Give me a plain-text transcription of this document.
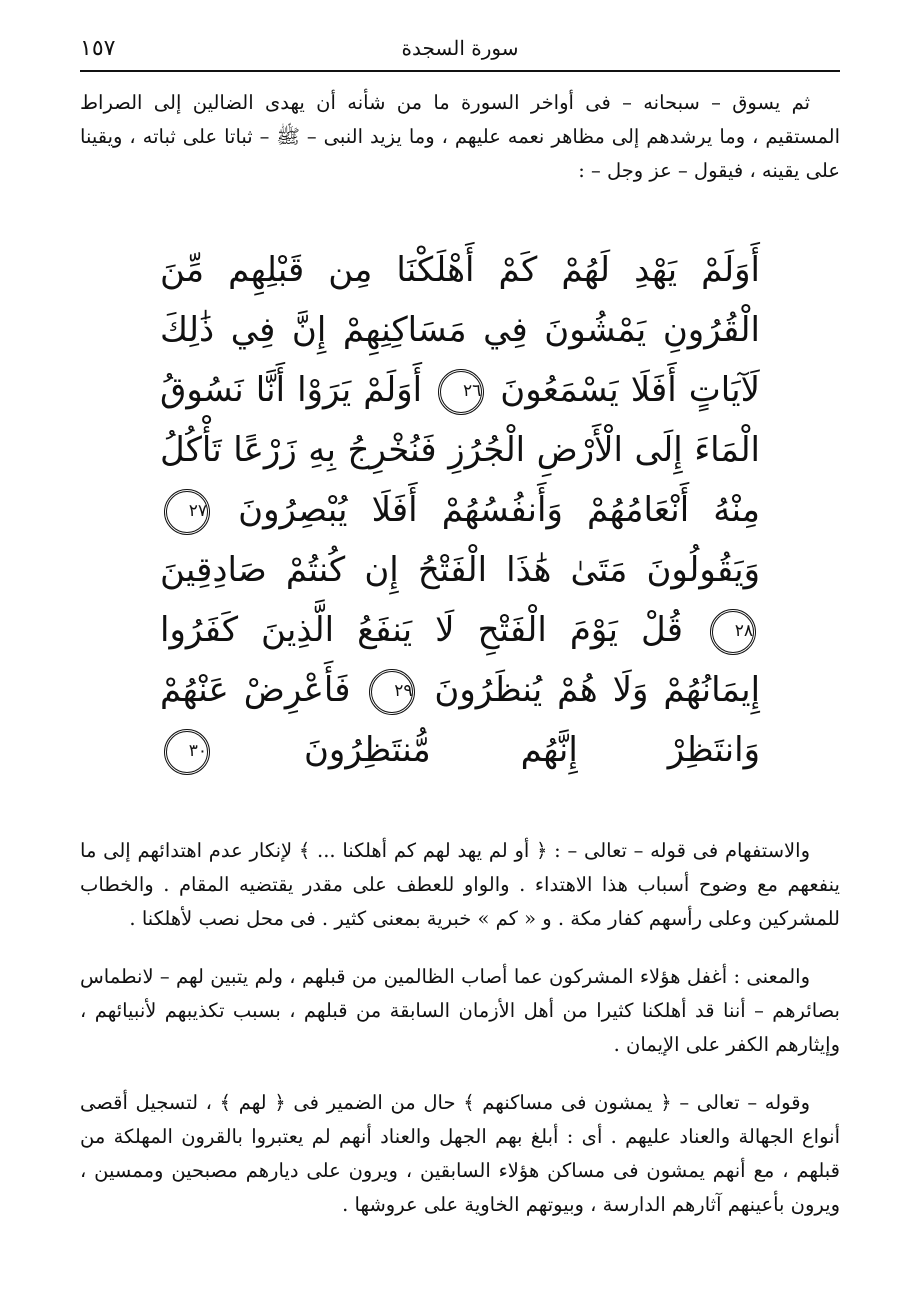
١٥٧	سورة السجدة

ثم يسوق – سبحانه – فى أواخر السورة ما من شأنه أن يهدى الضالين إلى الصراط المستقيم ، وما يرشدهم إلى مظاهر نعمه عليهم ، وما يزيد النبى – ﷺ – ثباتا على ثباته ، ويقينا على يقينه ، فيقول – عز وجل – :

أَوَلَمْ يَهْدِ لَهُمْ كَمْ أَهْلَكْنَا مِن قَبْلِهِم مِّنَ الْقُرُونِ يَمْشُونَ فِي مَسَاكِنِهِمْ إِنَّ فِي ذَٰلِكَ لَآيَاتٍ أَفَلَا يَسْمَعُونَ ٢٦ أَوَلَمْ يَرَوْا أَنَّا نَسُوقُ الْمَاءَ إِلَى الْأَرْضِ الْجُرُزِ فَنُخْرِجُ بِهِ زَرْعًا تَأْكُلُ مِنْهُ أَنْعَامُهُمْ وَأَنفُسُهُمْ أَفَلَا يُبْصِرُونَ ٢٧ وَيَقُولُونَ مَتَىٰ هَٰذَا الْفَتْحُ إِن كُنتُمْ صَادِقِينَ ٢٨ قُلْ يَوْمَ الْفَتْحِ لَا يَنفَعُ الَّذِينَ كَفَرُوا إِيمَانُهُمْ وَلَا هُمْ يُنظَرُونَ ٢٩ فَأَعْرِضْ عَنْهُمْ وَانتَظِرْ إِنَّهُم مُّنتَظِرُونَ ٣٠

والاستفهام فى قوله – تعالى – : ﴿ أو لم يهد لهم كم أهلكنا ... ﴾ لإنكار عدم اهتدائهم إلى ما ينفعهم مع وضوح أسباب هذا الاهتداء . والواو للعطف على مقدر يقتضيه المقام . والخطاب للمشركين وعلى رأسهم كفار مكة . و « كم » خبرية بمعنى كثير . فى محل نصب لأهلكنا .

والمعنى : أغفل هؤلاء المشركون عما أصاب الظالمين من قبلهم ، ولم يتبين لهم – لانطماس بصائرهم – أننا قد أهلكنا كثيرا من أهل الأزمان السابقة من قبلهم ، بسبب تكذيبهم لأنبيائهم ، وإيثارهم الكفر على الإيمان .

وقوله – تعالى – ﴿ يمشون فى مساكنهم ﴾ حال من الضمير فى ﴿ لهم ﴾ ، لتسجيل أقصى أنواع الجهالة والعناد عليهم . أى : أبلغ بهم الجهل والعناد أنهم لم يعتبروا بالقرون المهلكة من قبلهم ، مع أنهم يمشون فى مساكن هؤلاء السابقين ، ويرون على ديارهم مصبحين وممسين ، ويرون بأعينهم آثارهم الدارسة ، وبيوتهم الخاوية على عروشها .
